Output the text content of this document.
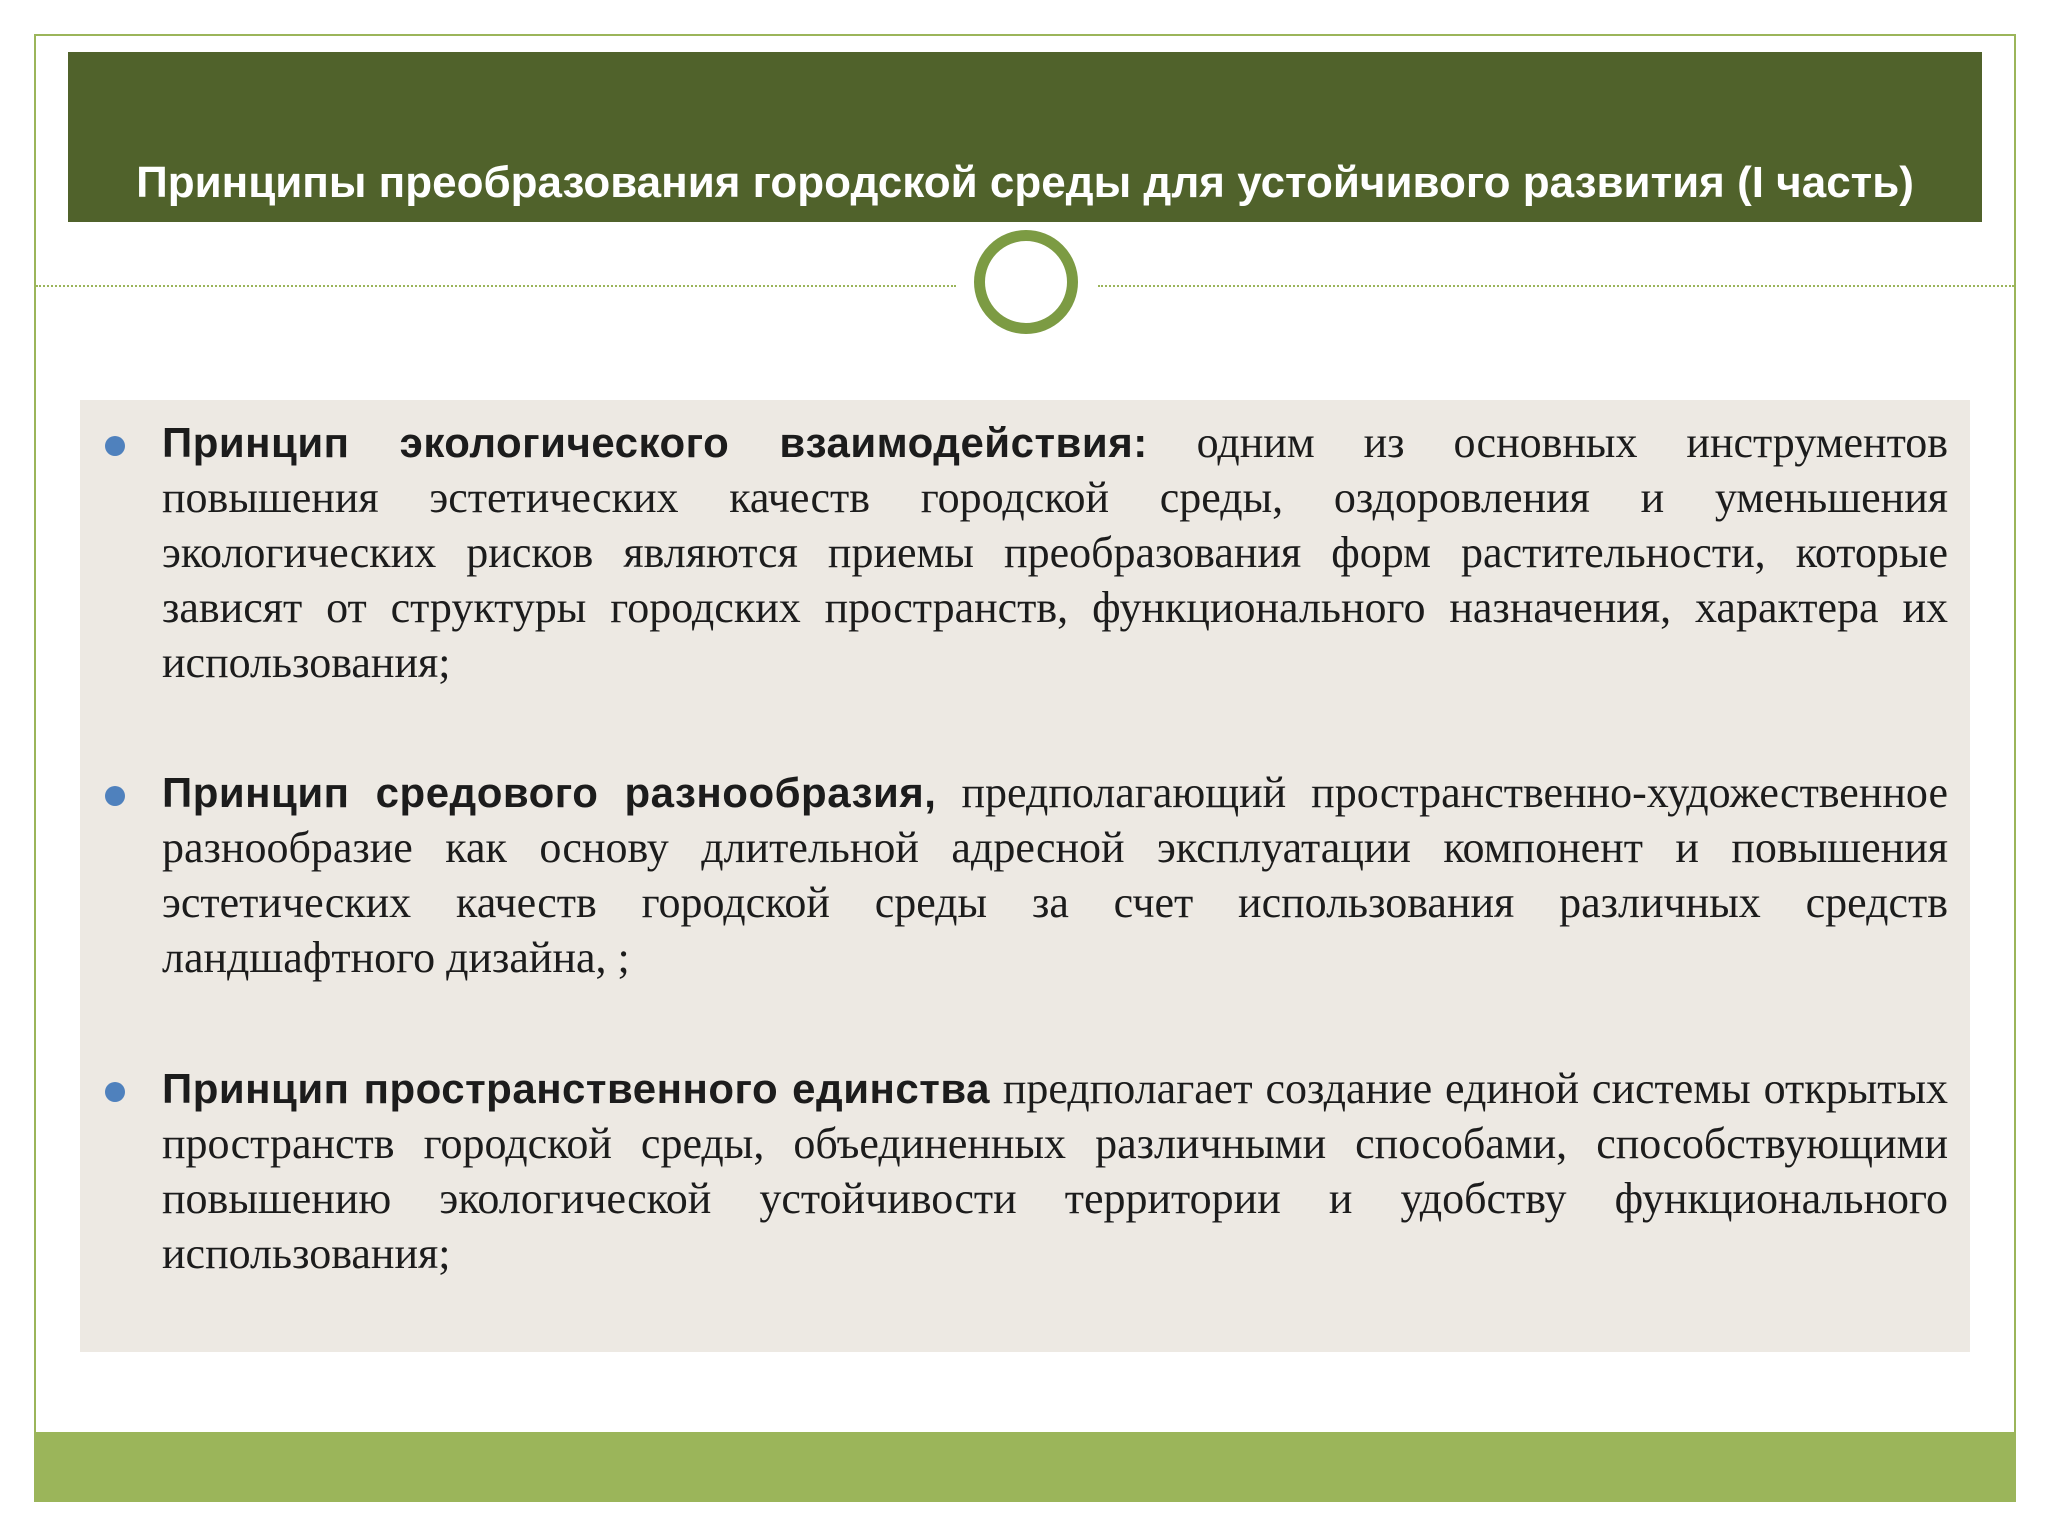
Принципы преобразования городской среды для устойчивого развития (I часть)
Принцип экологического взаимодействия: одним из основных инструментов повышения эстетических качеств городской среды, оздоровления и уменьшения экологических рисков являются приемы преобразования форм растительности, которые зависят от структуры городских пространств, функционального назначения, характера их использования;
Принцип средового разнообразия, предполагающий пространственно-художественное разнообразие как основу длительной адресной эксплуатации компонент и повышения эстетических качеств городской среды за счет использования различных средств ландшафтного дизайна, ;
Принцип пространственного единства предполагает создание единой системы открытых пространств городской среды, объединенных различными способами, способствующими повышению экологической устойчивости территории и удобству функционального использования;
